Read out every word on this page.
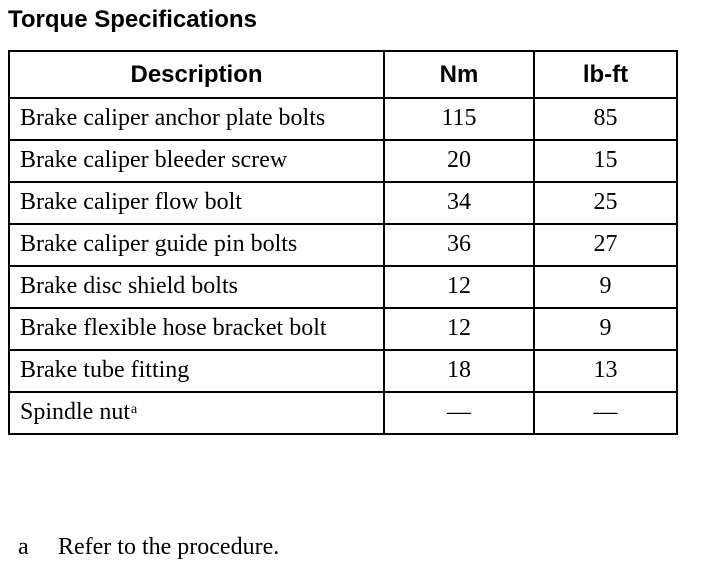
Torque Specifications
Description	Nm	lb-ft
Brake caliper anchor plate bolts	115	85
Brake caliper bleeder screw	20	15
Brake caliper flow bolt	34	25
Brake caliper guide pin bolts	36	27
Brake disc shield bolts	12	9
Brake flexible hose bracket bolt	12	9
Brake tube fitting	18	13
Spindle nut$^a$	—	—
a Refer to the procedure.
